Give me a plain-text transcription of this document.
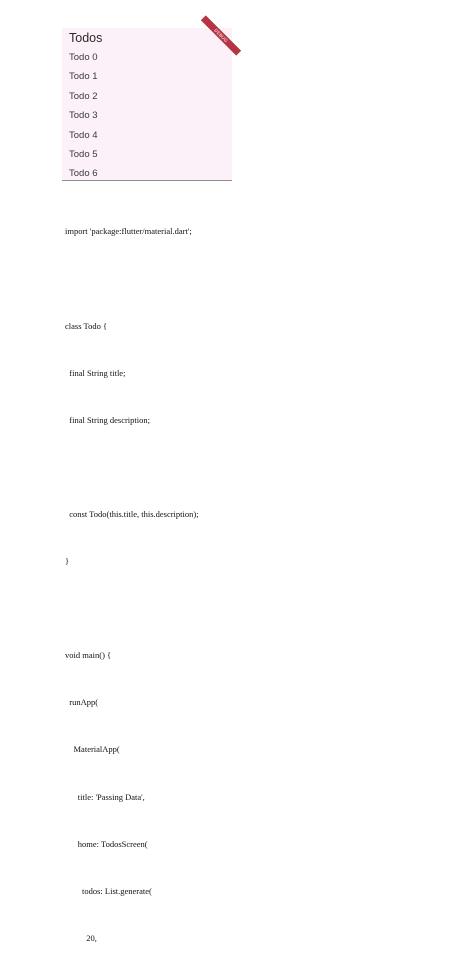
Todos	DEBUG
Todo 0
Todo 1
Todo 2
Todo 3
Todo 4
Todo 5
Todo 6

import 'package:flutter/material.dart';

class Todo {

final String title;

final String description;

const Todo(this.title, this.description);

}

void main() {

runApp(

MaterialApp(

title: 'Passing Data',

home: TodosScreen(

todos: List.generate(

20,
